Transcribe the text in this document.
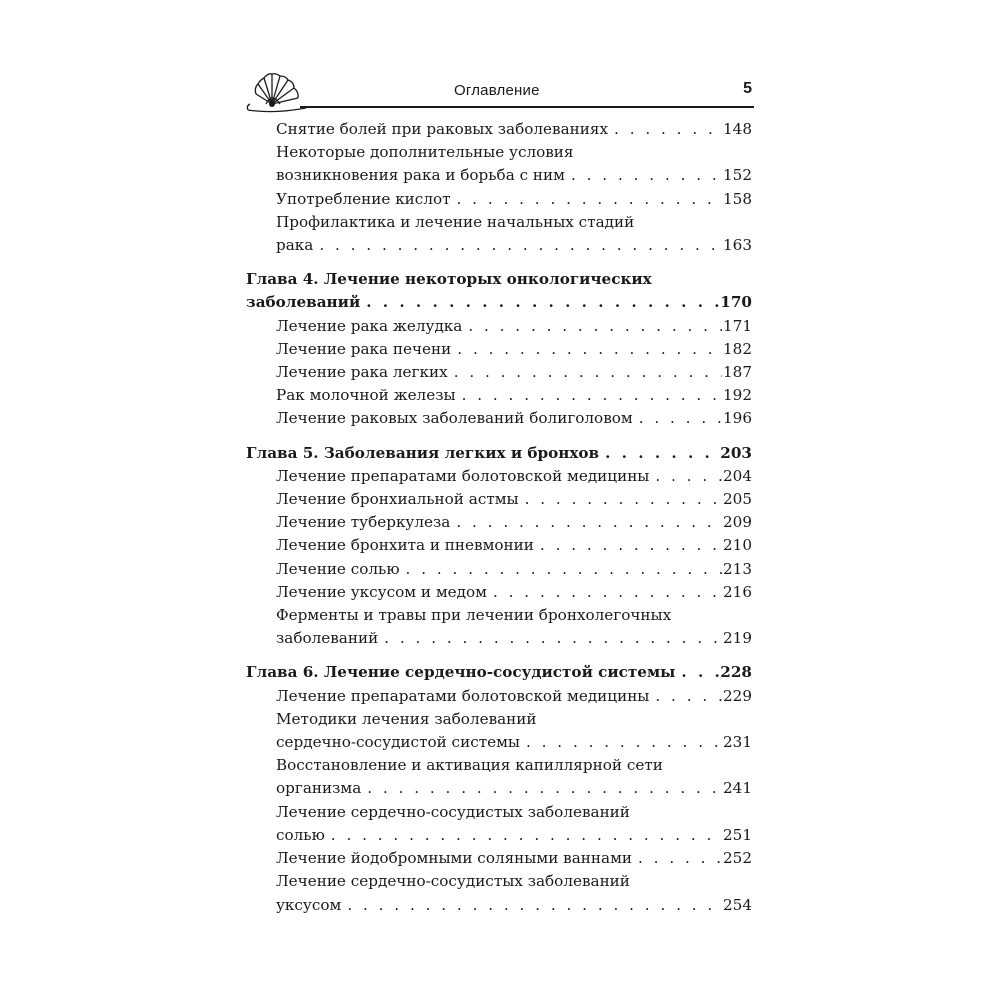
Оглавление	5
Снятие болей при раковых заболеваниях . . .	148
Некоторые дополнительные условия
возникновения рака и борьба с ним . . .	152
Употребление кислот . . .	158
Профилактика и лечение начальных стадий
рака . . .	163
Глава 4. Лечение некоторых онкологических
заболеваний . . .	170
Лечение рака желудка . . .	171
Лечение рака печени . . .	182
Лечение рака легких . . .	187
Рак молочной железы . . .	192
Лечение раковых заболеваний болиголовом . . .	196
Глава 5. Заболевания легких и бронхов . . .	203
Лечение препаратами болотовской медицины . . .	204
Лечение бронхиальной астмы . . .	205
Лечение туберкулеза . . .	209
Лечение бронхита и пневмонии . . .	210
Лечение солью . . .	213
Лечение уксусом и медом . . .	216
Ферменты и травы при лечении бронхолегочных
заболеваний . . .	219
Глава 6. Лечение сердечно-сосудистой системы . . .	228
Лечение препаратами болотовской медицины . . .	229
Методики лечения заболеваний
сердечно-сосудистой системы . . .	231
Восстановление и активация капиллярной сети
организма . . .	241
Лечение сердечно-сосудистых заболеваний
солью . . .	251
Лечение йодобромными соляными ваннами . . .	252
Лечение сердечно-сосудистых заболеваний
уксусом . . .	254
